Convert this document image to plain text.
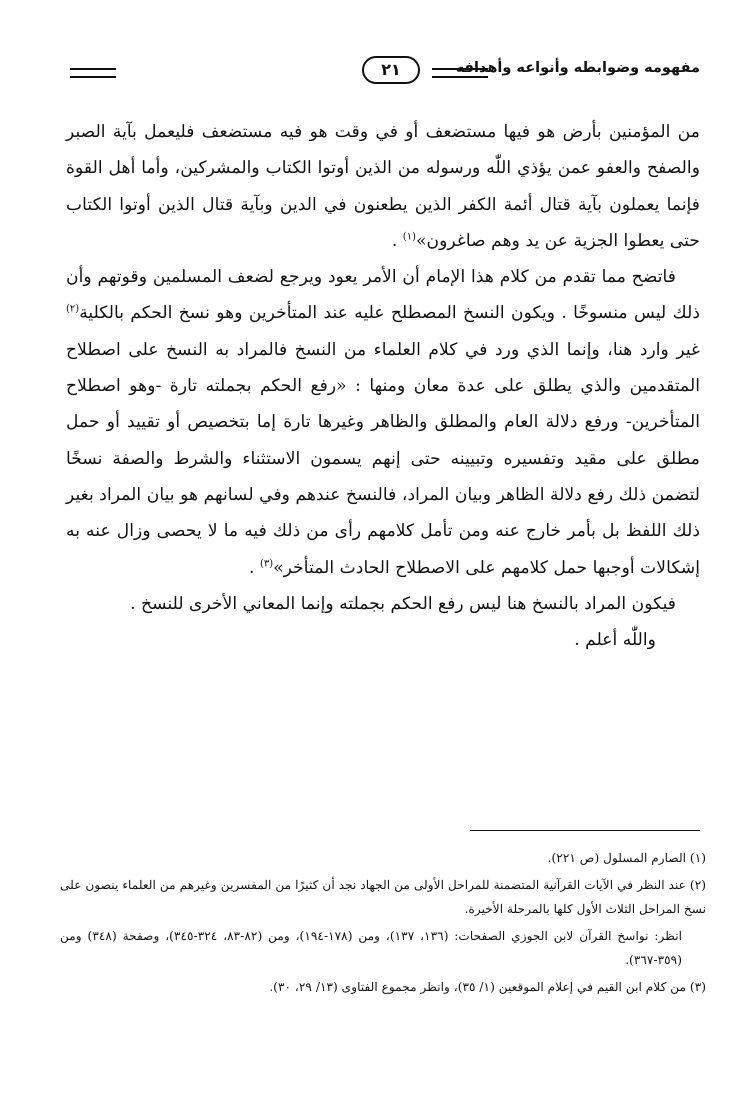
مفهومه وضوابطه وأنواعه وأهدافه
٢١

من المؤمنين بأرض هو فيها مستضعف أو في وقت هو فيه مستضعف فليعمل بآية الصبر والصفح والعفو عمن يؤذي اللّٰه ورسوله من الذين أوتوا الكتاب والمشركين، وأما أهل القوة فإنما يعملون بآية قتال أئمة الكفر الذين يطعنون في الدين وبآية قتال الذين أوتوا الكتاب حتى يعطوا الجزية عن يد وهم صاغرون»$^{(١)}$ .

فاتضح مما تقدم من كلام هذا الإمام أن الأمر يعود ويرجع لضعف المسلمين وقوتهم وأن ذلك ليس منسوخًا . ويكون النسخ المصطلح عليه عند المتأخرين وهو نسخ الحكم بالكلية$^{(٢)}$ غير وارد هنا، وإنما الذي ورد في كلام العلماء من النسخ فالمراد به النسخ على اصطلاح المتقدمين والذي يطلق على عدة معان ومنها : «رفع الحكم بجملته تارة -وهو اصطلاح المتأخرين- ورفع دلالة العام والمطلق والظاهر وغيرها تارة إما بتخصيص أو تقييد أو حمل مطلق على مقيد وتفسيره وتبيينه حتى إنهم يسمون الاستثناء والشرط والصفة نسخًا لتضمن ذلك رفع دلالة الظاهر وبيان المراد، فالنسخ عندهم وفي لسانهم هو بيان المراد بغير ذلك اللفظ بل بأمر خارج عنه ومن تأمل كلامهم رأى من ذلك فيه ما لا يحصى وزال عنه به إشكالات أوجبها حمل كلامهم على الاصطلاح الحادث المتأخر»$^{(٣)}$ .

فيكون المراد بالنسخ هنا ليس رفع الحكم بجملته وإنما المعاني الأخرى للنسخ .

واللّٰه أعلم .

(١) الصارم المسلول (ص ٢٢١).

(٢) عند النظر في الآيات القرآنية المتضمنة للمراحل الأولى من الجهاد نجد أن كثيرًا من المفسرين وغيرهم من العلماء ينصون على نسخ المراحل الثلاث الأول كلها بالمرحلة الأخيرة.

انظر: نواسخ القرآن لابن الجوزي الصفحات: (١٣٦، ١٣٧)، ومن (١٧٨-١٩٤)، ومن (٨٢-٨٣، ٣٢٤-٣٤٥)، وصفحة (٣٤٨) ومن (٣٥٩-٣٦٧).

(٣) من كلام ابن القيم في إعلام الموقعين (١/ ٣٥)، وانظر مجموع الفتاوى (١٣/ ٢٩، ٣٠).
